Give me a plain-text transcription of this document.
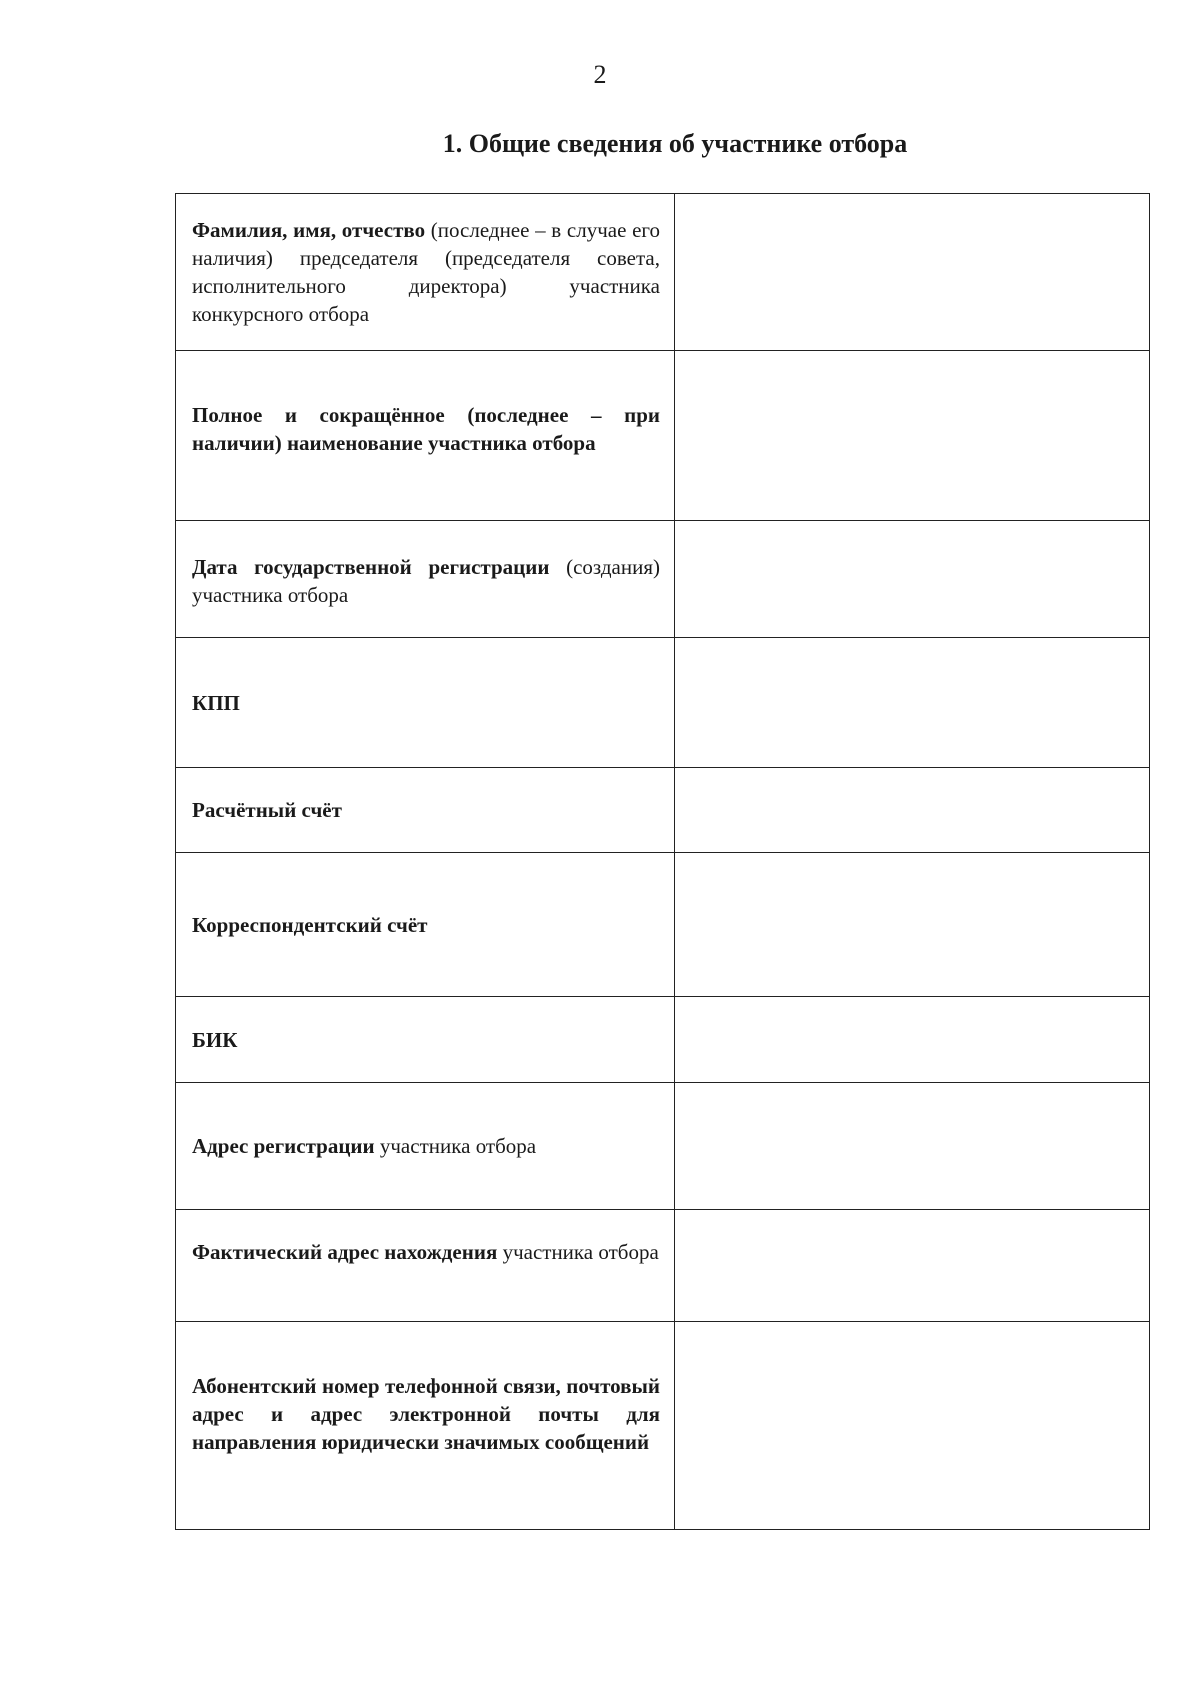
2
1. Общие сведения об участнике отбора
Фамилия, имя, отчество (последнее – в случае его наличия) председателя (председателя совета, исполнительного директора) участника конкурсного отбора	
Полное и сокращённое (последнее – при наличии) наименование участника отбора	
Дата государственной регистрации (создания) участника отбора	
КПП	
Расчётный счёт	
Корреспондентский счёт	
БИК	
Адрес регистрации участника отбора	
Фактический адрес нахождения участника отбора	
Абонентский номер телефонной связи, почтовый адрес и адрес электронной почты для направления юридически значимых сообщений	
